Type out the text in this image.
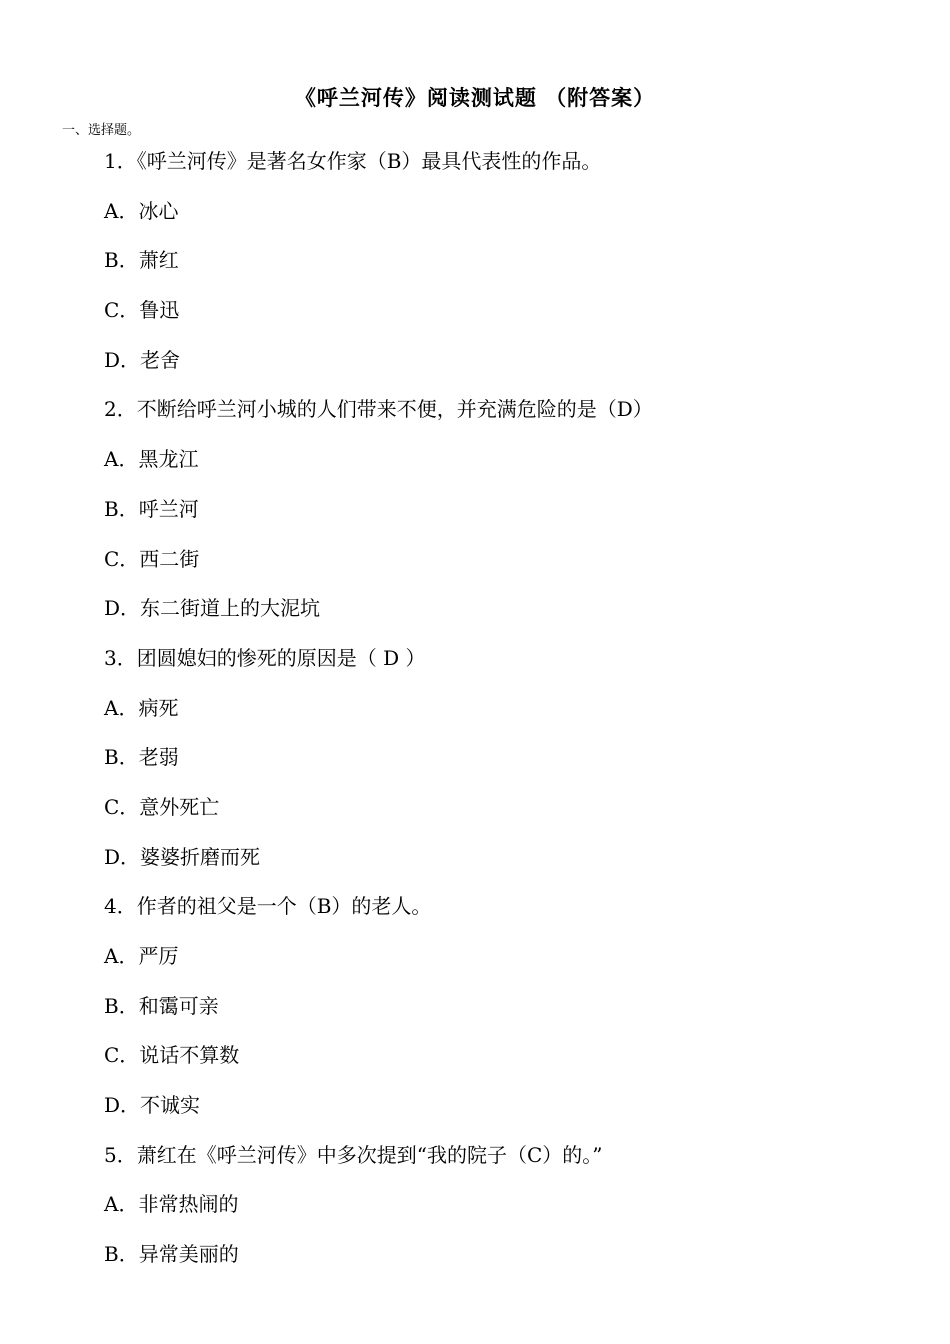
《呼兰河传》阅读测试题 （附答案）
一、选择题。
1．《呼兰河传》是著名女作家（B）最具代表性的作品。
A．冰心
B．萧红
C．鲁迅
D．老舍
2．不断给呼兰河小城的人们带来不便，并充满危险的是（D）
A．黑龙江
B．呼兰河
C．西二街
D．东二街道上的大泥坑
3．团圆媳妇的惨死的原因是（ D ）
A．病死
B．老弱
C．意外死亡
D．婆婆折磨而死
4．作者的祖父是一个（B）的老人。
A．严厉
B．和霭可亲
C．说话不算数
D．不诚实
5．萧红在《呼兰河传》中多次提到“我的院子（C）的。”
A．非常热闹的
B．异常美丽的
